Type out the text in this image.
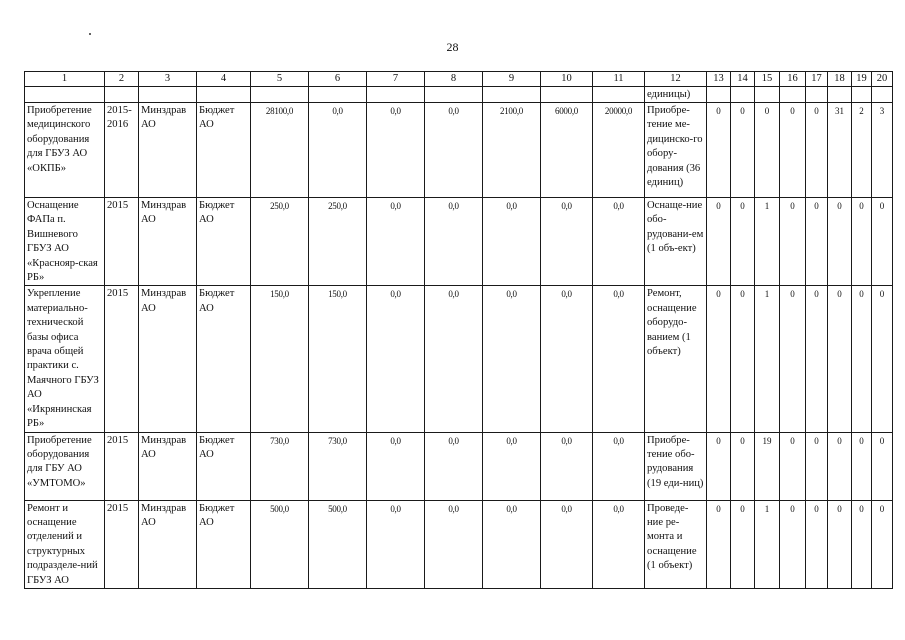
28
1	2	3	4	5	6	7	8	9	10	11	12	13	14	15	16	17	18	19	20
											единицы)								
Приобретение медицинского оборудования для ГБУЗ АО «ОКПБ»	2015-2016	Минздрав АО	Бюджет АО	28100,0	0,0	0,0	0,0	2100,0	6000,0	20000,0	Приобре-тение ме-дицинско-го обору-дования (36 единиц)	0	0	0	0	0	31	2	3
Оснащение ФАПа п. Вишневого ГБУЗ АО «Краснояр-ская РБ»	2015	Минздрав АО	Бюджет АО	250,0	250,0	0,0	0,0	0,0	0,0	0,0	Оснаще-ние обо-рудовани-ем (1 объ-ект)	0	0	1	0	0	0	0	0
Укрепление материально-технической базы офиса врача общей практики с. Маячного ГБУЗ АО «Икрянинская РБ»	2015	Минздрав АО	Бюджет АО	150,0	150,0	0,0	0,0	0,0	0,0	0,0	Ремонт, оснащение оборудо-ванием (1 объект)	0	0	1	0	0	0	0	0
Приобретение оборудования для ГБУ АО «УМТОМО»	2015	Минздрав АО	Бюджет АО	730,0	730,0	0,0	0,0	0,0	0,0	0,0	Приобре-тение обо-рудования (19 еди-ниц)	0	0	19	0	0	0	0	0
Ремонт и оснащение отделений и структурных подразделе-ний ГБУЗ АО	2015	Минздрав АО	Бюджет АО	500,0	500,0	0,0	0,0	0,0	0,0	0,0	Проведе-ние ре-монта и оснащение (1 объект)	0	0	1	0	0	0	0	0
